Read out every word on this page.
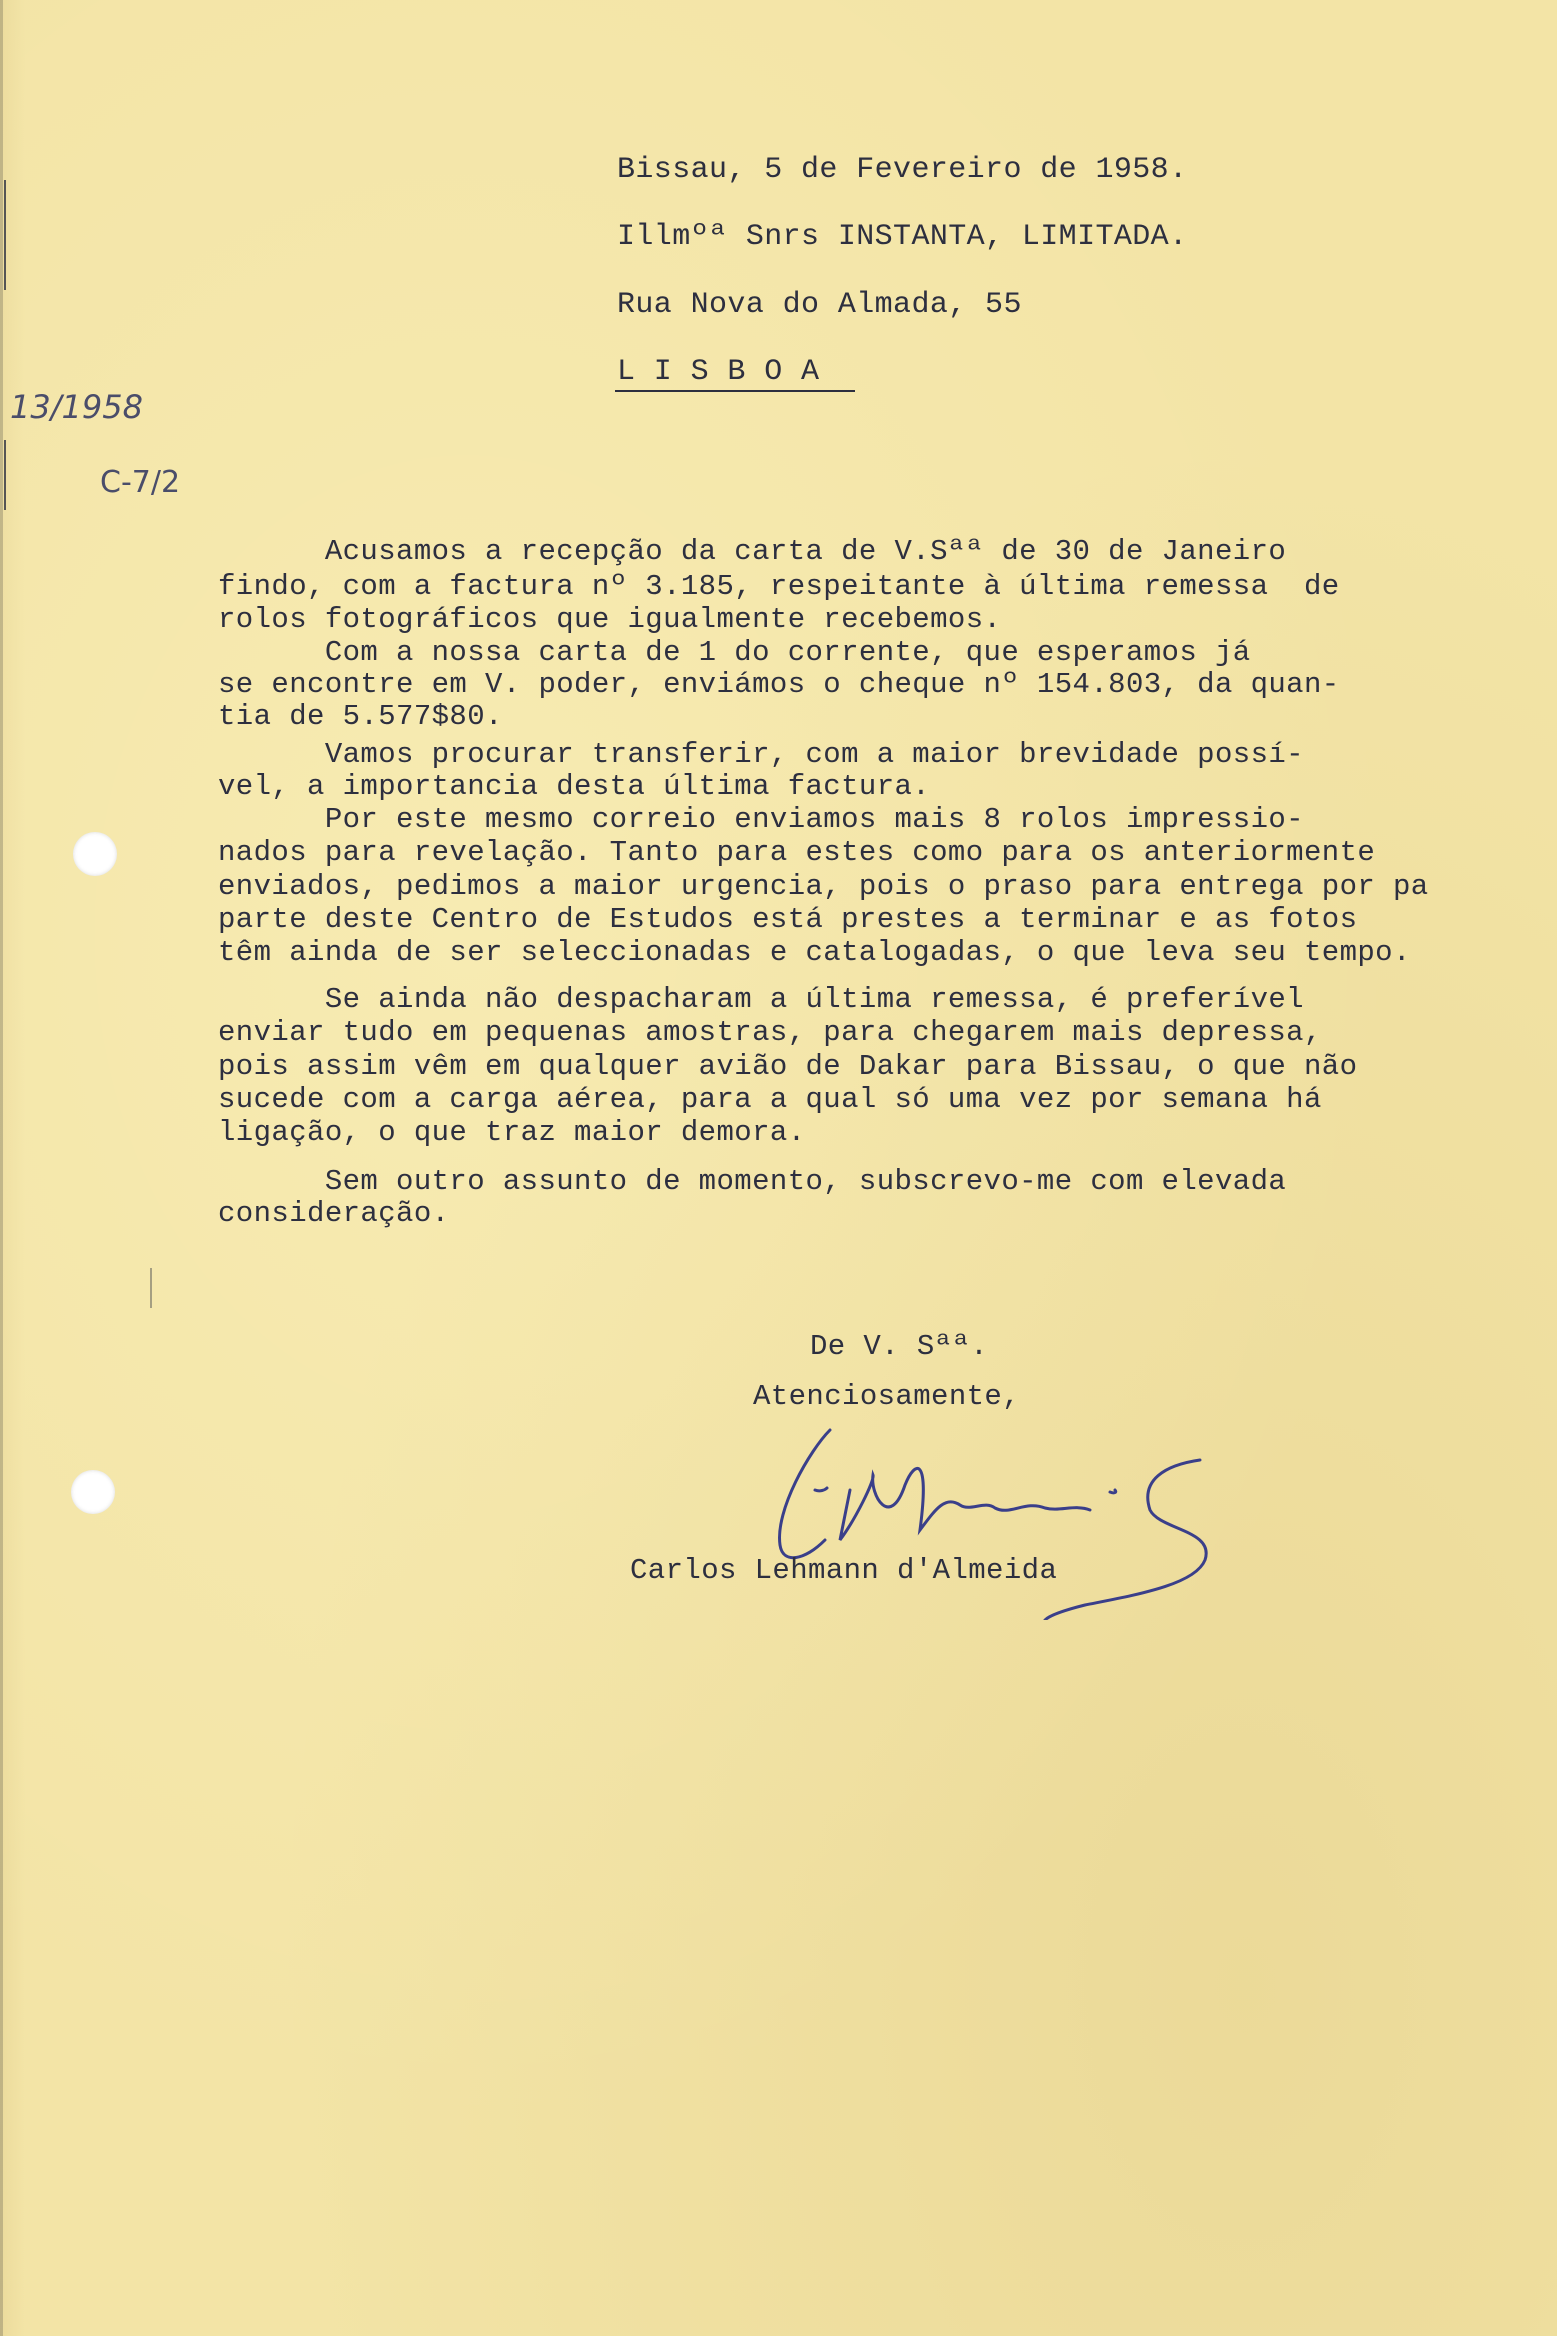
Bissau, 5 de Fevereiro de 1958.
Illmºª Snrs INSTANTA, LIMITADA.
Rua Nova do Almada, 55
L I S B O A
13/1958
C-7/2
Acusamos a recepção da carta de V.Sªª de 30 de Janeiro
findo, com a factura nº 3.185, respeitante à última remessa  de
rolos fotográficos que igualmente recebemos.
Com a nossa carta de 1 do corrente, que esperamos já
se encontre em V. poder, enviámos o cheque nº 154.803, da quan-
tia de 5.577$80.
Vamos procurar transferir, com a maior brevidade possí-
vel, a importancia desta última factura.
Por este mesmo correio enviamos mais 8 rolos impressio-
nados para revelação. Tanto para estes como para os anteriormente
enviados, pedimos a maior urgencia, pois o praso para entrega por pa
parte deste Centro de Estudos está prestes a terminar e as fotos
têm ainda de ser seleccionadas e catalogadas, o que leva seu tempo.
Se ainda não despacharam a última remessa, é preferível
enviar tudo em pequenas amostras, para chegarem mais depressa,
pois assim vêm em qualquer avião de Dakar para Bissau, o que não
sucede com a carga aérea, para a qual só uma vez por semana há
ligação, o que traz maior demora.
Sem outro assunto de momento, subscrevo-me com elevada
consideração.
De V. Sªª.
Atenciosamente,
Carlos Lehmann d'Almeida
